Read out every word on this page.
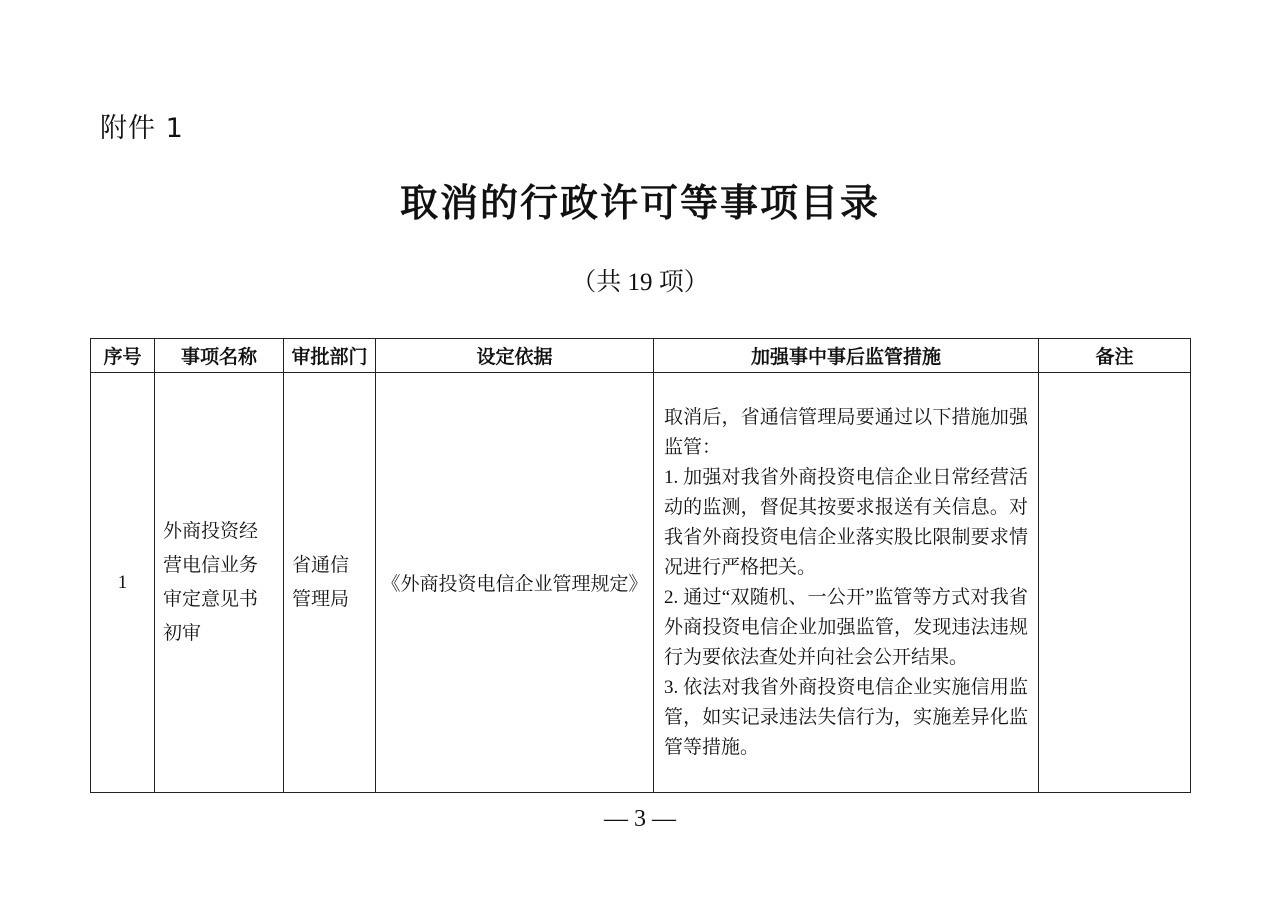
附件 1
取消的行政许可等事项目录
（共 19 项）
序号	事项名称	审批部门	设定依据	加强事中事后监管措施	备注
1	外商投资经营电信业务审定意见书初审	省通信管理局	《外商投资电信企业管理规定》	取消后，省通信管理局要通过以下措施加强监管：
1. 加强对我省外商投资电信企业日常经营活动的监测，督促其按要求报送有关信息。对我省外商投资电信企业落实股比限制要求情况进行严格把关。
2. 通过“双随机、一公开”监管等方式对我省外商投资电信企业加强监管，发现违法违规行为要依法查处并向社会公开结果。
3. 依法对我省外商投资电信企业实施信用监管，如实记录违法失信行为，实施差异化监管等措施。	

— 3 —
